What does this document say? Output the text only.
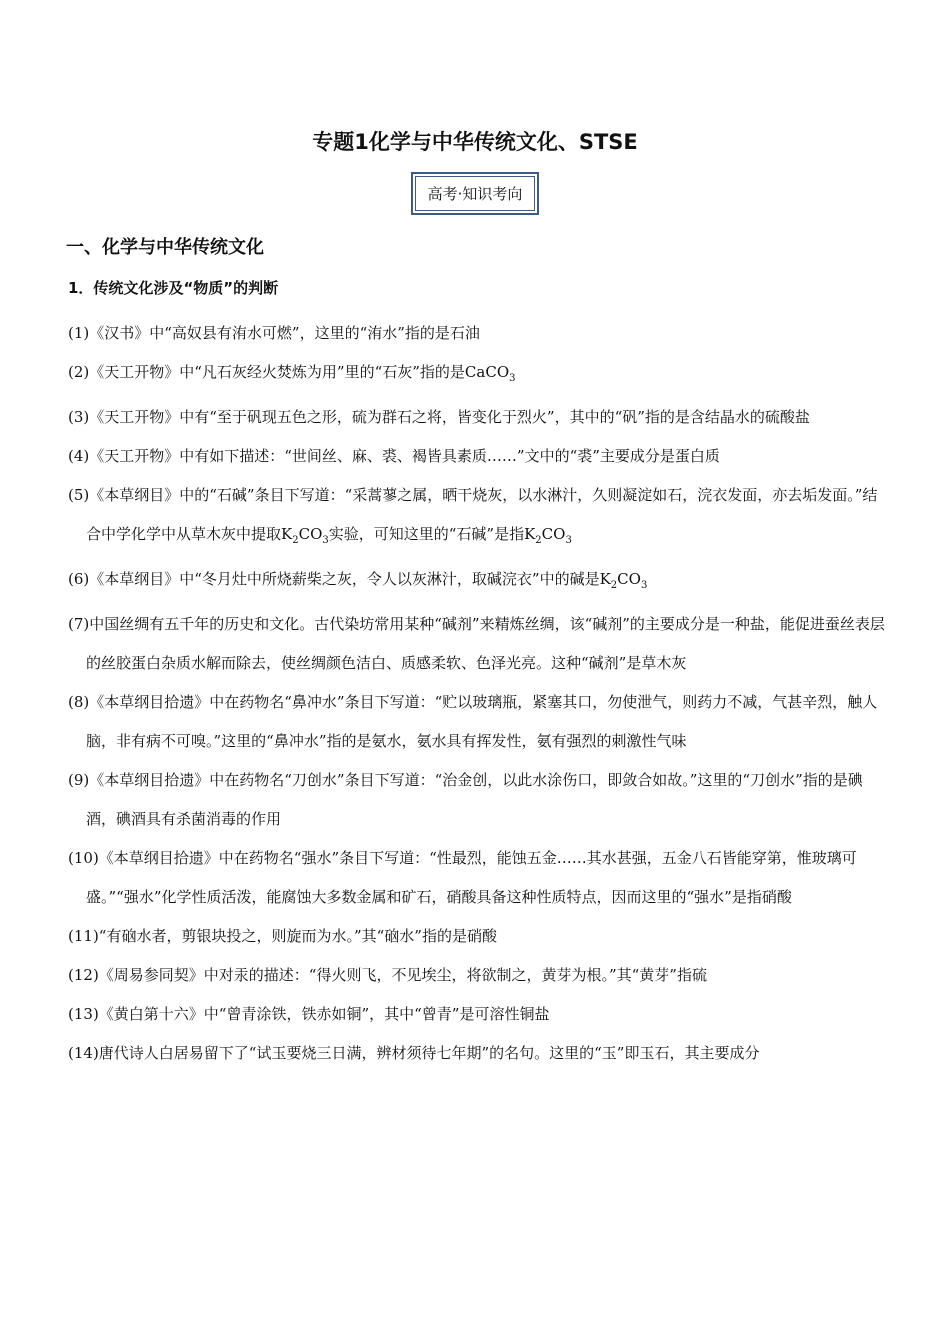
专题1化学与中华传统文化、STSE
高考·知识考向
一、化学与中华传统文化
1．传统文化涉及“物质”的判断

(1)《汉书》中“高奴县有洧水可燃”，这里的“洧水”指的是石油

(2)《天工开物》中“凡石灰经火焚炼为用”里的“石灰”指的是CaCO$_3$

(3)《天工开物》中有“至于矾现五色之形，硫为群石之将，皆变化于烈火”，其中的“矾”指的是含结晶水的硫酸盐

(4)《天工开物》中有如下描述：“世间丝、麻、裘、褐皆具素质……”文中的“裘”主要成分是蛋白质

(5)《本草纲目》中的“石碱”条目下写道：“采蒿蓼之属，晒干烧灰，以水淋汁，久则凝淀如石，浣衣发面，亦去垢发面。”结合中学化学中从草木灰中提取$K_2CO_3$实验，可知这里的“石碱”是指$K_2CO_3$

(6)《本草纲目》中“冬月灶中所烧薪柴之灰，令人以灰淋汁，取碱浣衣”中的碱是$K_2CO_3$

(7)中国丝绸有五千年的历史和文化。古代染坊常用某种“碱剂”来精炼丝绸，该“碱剂”的主要成分是一种盐，能促进蚕丝表层的丝胶蛋白杂质水解而除去，使丝绸颜色洁白、质感柔软、色泽光亮。这种“碱剂”是草木灰

(8)《本草纲目拾遗》中在药物名“鼻冲水”条目下写道：“贮以玻璃瓶，紧塞其口，勿使泄气，则药力不减，气甚辛烈，触人脑，非有病不可嗅。”这里的“鼻冲水”指的是氨水，氨水具有挥发性，氨有强烈的刺激性气味

(9)《本草纲目拾遗》中在药物名“刀创水”条目下写道：“治金创，以此水涂伤口，即敛合如故。”这里的“刀创水”指的是碘酒，碘酒具有杀菌消毒的作用

(10)《本草纲目拾遗》中在药物名“强水”条目下写道：“性最烈，能蚀五金……其水甚强，五金八石皆能穿第，惟玻璃可盛。”“强水”化学性质活泼，能腐蚀大多数金属和矿石，硝酸具备这种性质特点，因而这里的“强水”是指硝酸

(11)“有硇水者，剪银块投之，则旋而为水。”其“硇水”指的是硝酸

(12)《周易参同契》中对汞的描述：“得火则飞，不见埃尘，将欲制之，黄芽为根。”其“黄芽”指硫

(13)《黄白第十六》中“曾青涂铁，铁赤如铜”，其中“曾青”是可溶性铜盐

(14)唐代诗人白居易留下了“试玉要烧三日满，辨材须待七年期”的名句。这里的“玉”即玉石，其主要成分
